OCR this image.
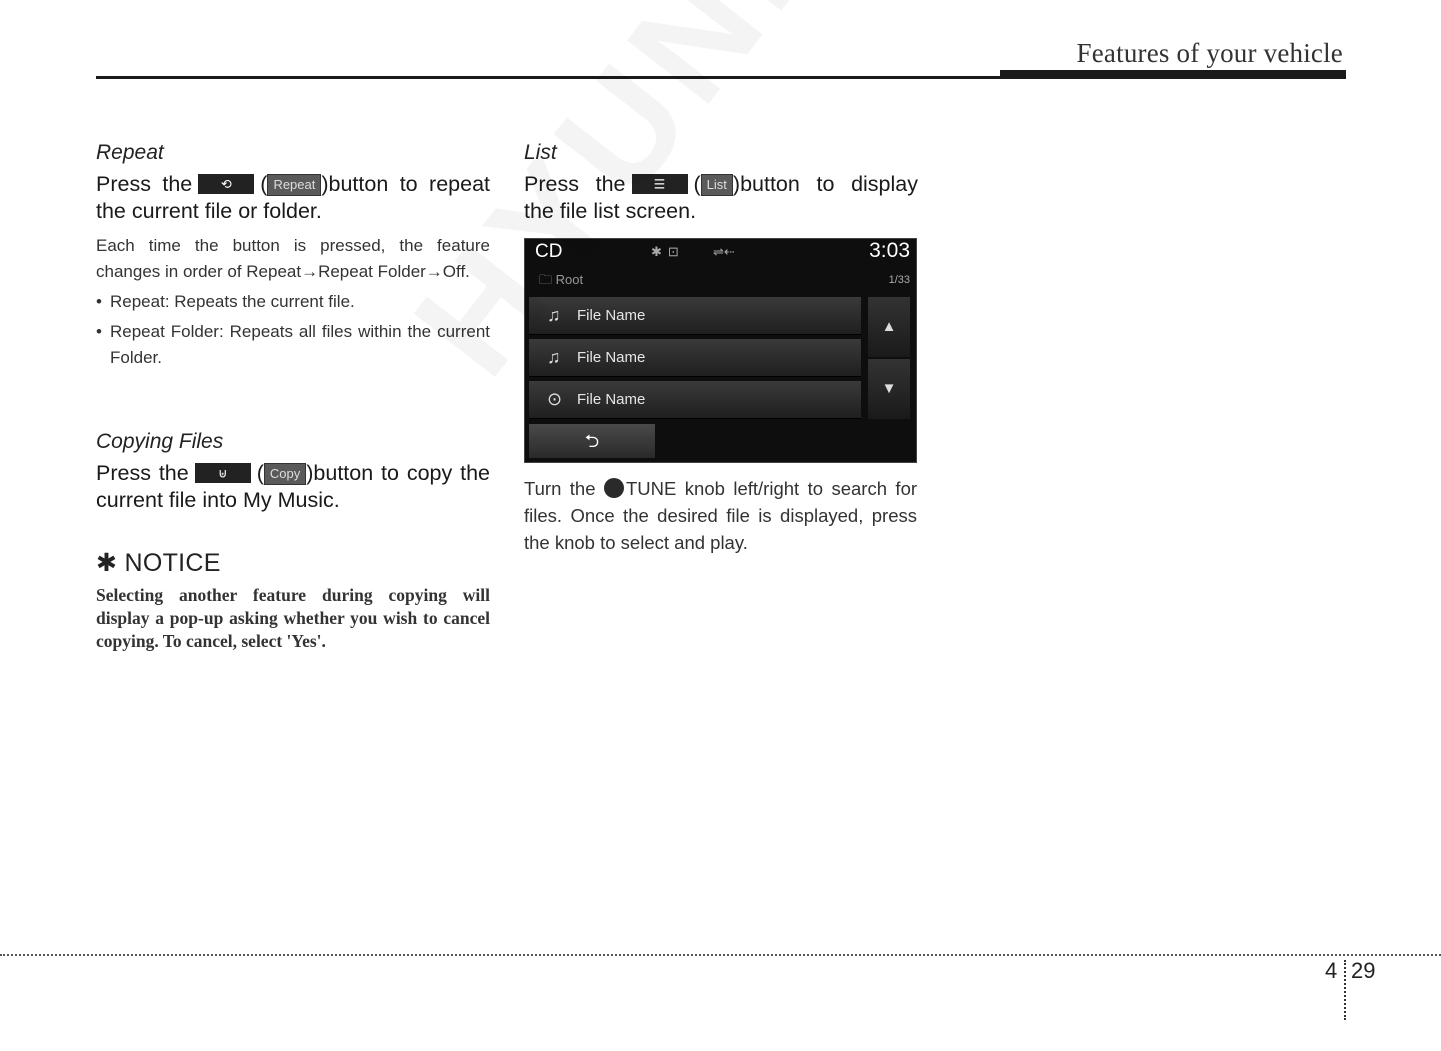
Features of your vehicle

Repeat

Press the ⟲ ( Repeat )button to repeat the current file or folder.

Each time the button is pressed, the feature changes in order of Repeat→Repeat Folder→Off.

• Repeat: Repeats the current file.

• Repeat Folder: Repeats all files within the current Folder.

Copying Files

Press the ⊎ ( Copy )button to copy the current file into My Music.

✱ NOTICE

Selecting another feature during copying will display a pop-up asking whether you wish to cancel copying. To cancel, select 'Yes'.

List

Press the ☰ ( List )button to display the file list screen.

CD	✱⊡ ⇌⇠	3:03
🗀 Root	1/33
♫ File Name
♫ File Name
⊙ File Name
▲
▼
⮌

Turn the TUNE knob left/right to search for files. Once the desired file is displayed, press the knob to select and play.

4 29
